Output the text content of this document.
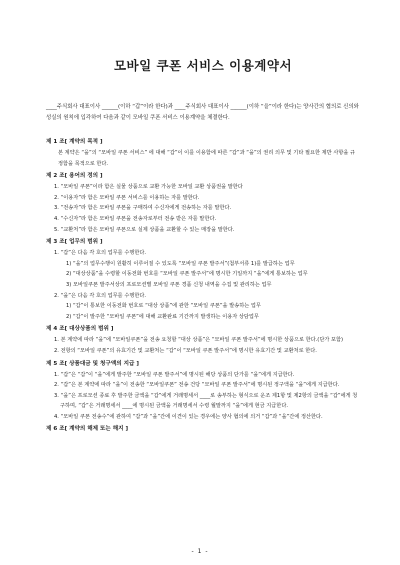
모바일 쿠폰 서비스 이용계약서

____주식회사 대표이사 ______(이하 “갑”이라 한다)과 ____주식회사 대표이사 ______(이하 “을”이라 한다)는 양사간의 협의로 신의와 성실의 원칙에 입각하여 다음과 같이 모바일 쿠폰 서비스 이용계약을 체결한다.

제 1 조[ 계약의 목적 ]

본 계약은 “을”의 “모바일 쿠폰 서비스” 에 대해 “갑”이 이를 이용함에 따른 “갑”과 “을”의 권리 의무 및 기타 필요한 제반 사항을 규정함을 목적으로 한다.

제 2 조[ 용어의 정의 ]

1. “모바일 쿠폰”이라 함은 실물 상품으로 교환 가능한 모바일 교환 상품권을 말한다

2. “이용자”라 함은 모바일 쿠폰 서비스를 이용하는 자를 말한다.

3. “전송자”라 함은 모바일 쿠폰을 구매하여 수신자에게 전송하는 자를 말한다.

4. “수신자”라 함은 모바일 쿠폰을 전송자로부터 전송 받은 자를 말한다.

5. “교환처”라 함은 모바일 쿠폰으로 실제 상품을 교환할 수 있는 매장을 말한다.

제 3 조[ 업무의 범위 ]

1. “갑”은 다음 각 호의 업무를 수행한다.

1) “을”의 업무수행이 원활히 이루어질 수 있도록 “모바일 쿠폰 발주서”(첨부서류 1)를 발급하는 업무

2) “대상상품”을 수령할 이동전화 번호를 “모바일 쿠폰 발주서”에 명시한 기일까지 “을”에게 통보하는 업무

3) 모바일쿠폰 발주서상의 프로모션별 모바일 쿠폰 경품 신청 내역을 수집 및 관리하는 업무

2. “을”은 다음 각 호의 업무를 수행한다.

1) “갑”이 통보한 이동전화 번호로 “대상 상품”에 관한 “모바일 쿠폰”을 발송하는 업무

2) “갑”이 발주한 “모바일 쿠폰”에 대해 교환완료 기간까지 발생하는 이용자 상담업무

제 4 조[ 대상상품의 범위 ]

1. 본 계약에 따라 “을”에 “모바일쿠폰”을 전송 요청할 “대상 상품”은 “모바일 쿠폰 발주서”에 명시한 상품으로 한다.(단가 포함)

2. 전항의 “모바일 쿠폰”의 유효기간 및 교환처는 “갑”이 “모바일 쿠폰 발주서”에 명시한 유효기간 및 교환처로 한다.

제 5 조[ 상품대금 및 청구액의 지급 ]

1. “갑”은 “갑”이 “을”에게 발주한 “모바일 쿠폰 발주서”에 명시된 해당 상품의 단가를 “을”에게 지급한다.

2. “갑”은 본 계약에 따라 “을”이 전송한 “모바일쿠폰” 전송 건당 “모바일 쿠폰 발주서”에 명시된 정구액을 “을”에게 지급한다.

3. “을”은 프로모션 종료 후 발주한 금액을 “갑”에게 거래명세서 ____로 송부하는 형식으로 운조 제1항 및 제2항의 금액을 “갑”에게 청구하며, “갑”은 거래명세서 ____에 명시된 금액을 거래명세서 수령 월말까지 “을”에게 현금 지급한다.

4. “모바일 쿠폰 전송수”에 관하여 “갑”과 “을”간에 이견이 있는 경우에는 양사 협의에 의거 “갑”과 “을”간에 정산한다.

제 6 조[ 계약의 해제 또는 해지 ]

- 1 -
